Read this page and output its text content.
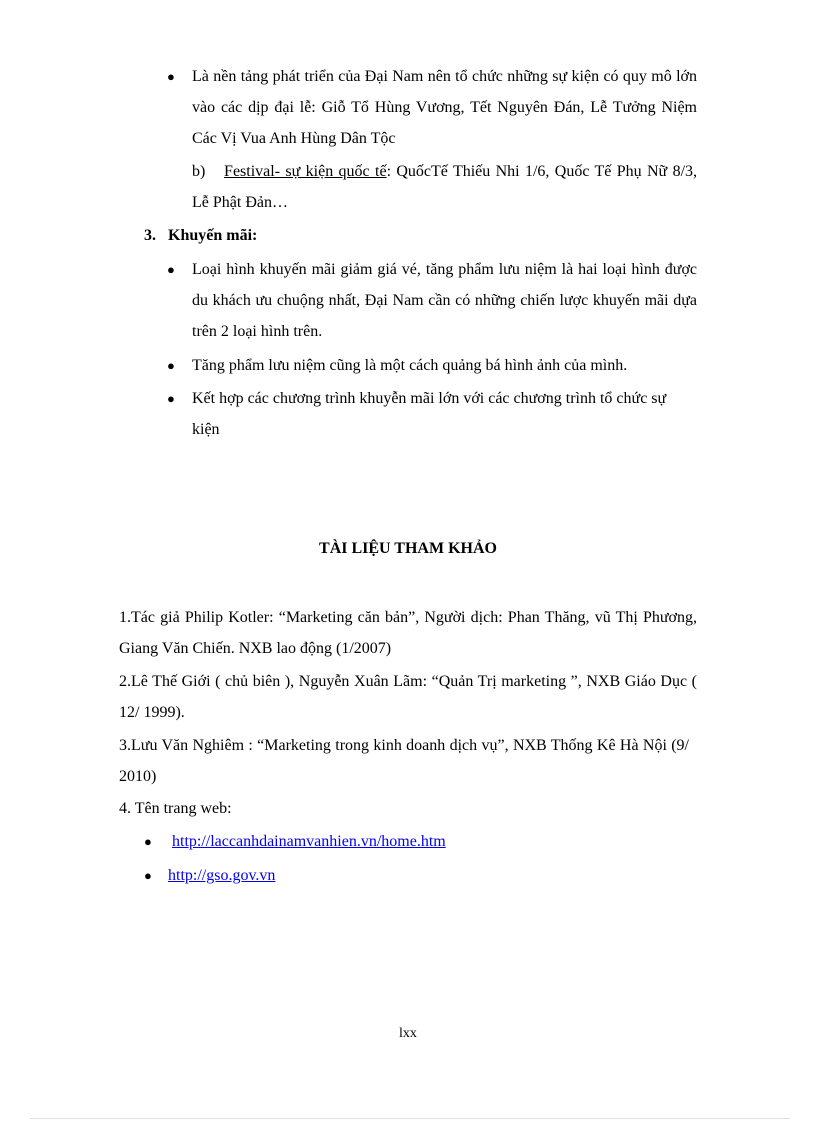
● Là nền tảng phát triển của Đại Nam nên tổ chức những sự kiện có quy mô lớn vào các dịp đại lễ: Giỗ Tổ Hùng Vương, Tết Nguyên Đán, Lễ Tưởng Niệm Các Vị Vua Anh Hùng Dân Tộc

b) Festival- sự kiện quốc tế: QuốcTế Thiếu Nhi 1/6, Quốc Tế Phụ Nữ 8/3, Lễ Phật Đản…

3. Khuyến mãi:
● Loại hình khuyến mãi giảm giá vé, tăng phẩm lưu niệm là hai loại hình được du khách ưu chuộng nhất, Đại Nam cần có những chiến lược khuyến mãi dựa trên 2 loại hình trên.

● Tăng phẩm lưu niệm cũng là một cách quảng bá hình ảnh của mình.

● Kết hợp các chương trình khuyễn mãi lớn với các chương trình tổ chức sự kiện

TÀI LIỆU THAM KHẢO

1.Tác giả Philip Kotler: “Marketing căn bản”, Người dịch: Phan Thăng, vũ Thị Phương, Giang Văn Chiến. NXB lao động (1/2007)

2.Lê Thế Giới ( chủ biên ), Nguyễn Xuân Lãm: “Quản Trị marketing ”, NXB Giáo Dục ( 12/ 1999).

3.Lưu Văn Nghiêm : “Marketing trong kinh doanh dịch vụ”, NXB Thống Kê Hà Nội (9/ 2010)

4. Tên trang web:

● http://laccanhdainamvanhien.vn/home.htm
● http://gso.gov.vn
lxx
